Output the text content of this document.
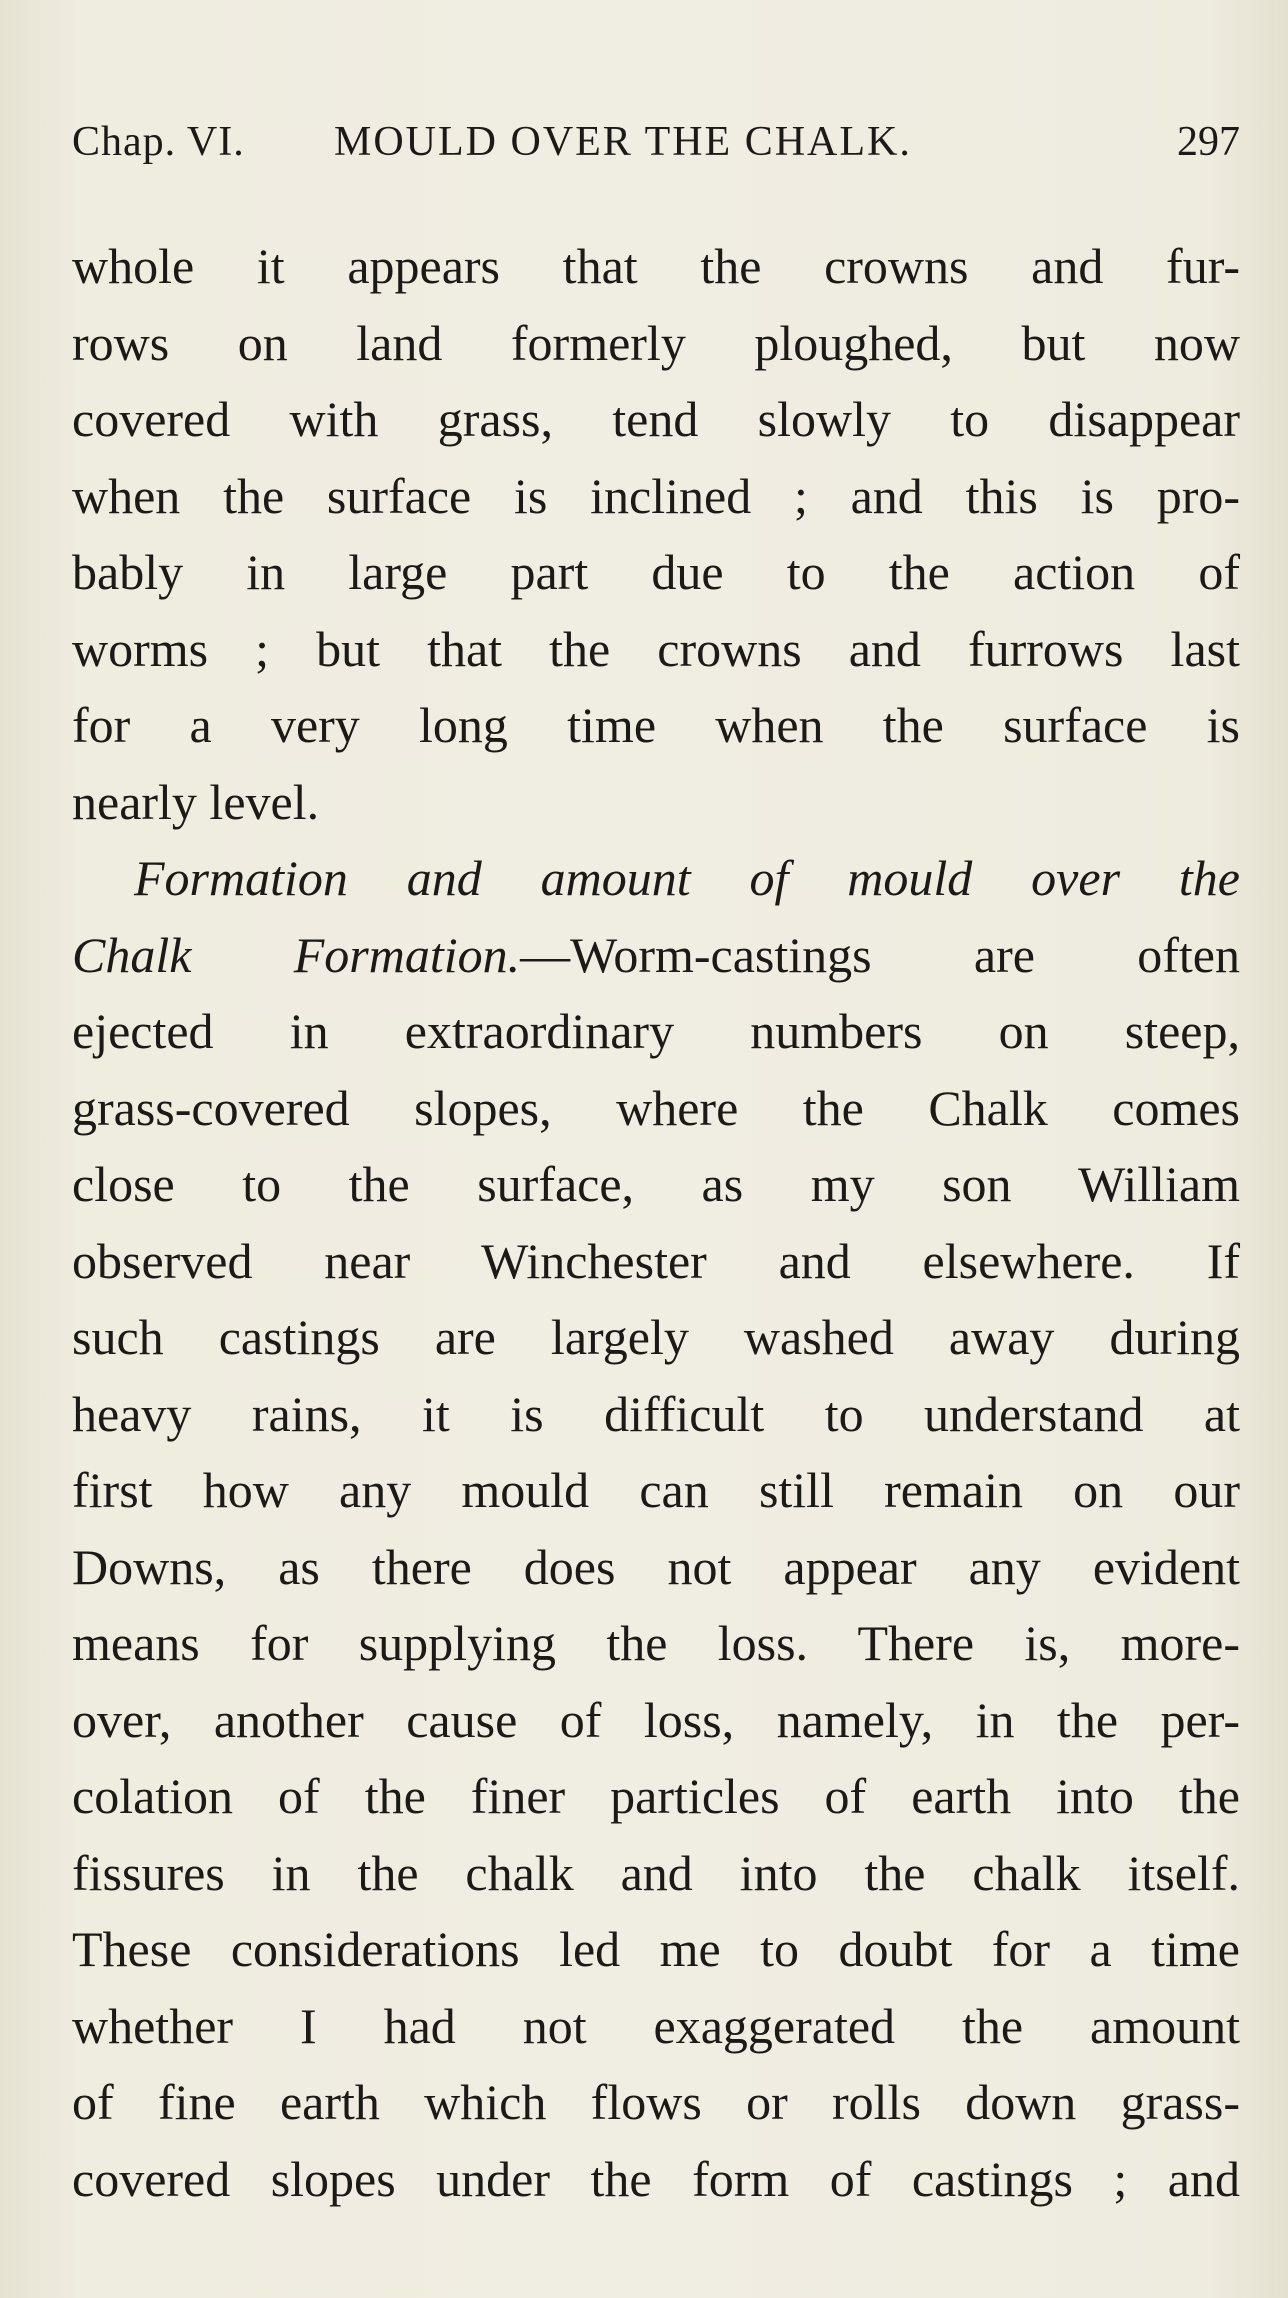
Chap. VI. MOULD OVER THE CHALK.	297
whole it appears that the crowns and fur-
rows on land formerly ploughed, but now
covered with grass, tend slowly to disappear
when the surface is inclined ; and this is pro-
bably in large part due to the action of
worms ; but that the crowns and furrows last
for a very long time when the surface is
nearly level.
Formation and amount of mould over the
Chalk Formation.—Worm-castings are often
ejected in extraordinary numbers on steep,
grass-covered slopes, where the Chalk comes
close to the surface, as my son William
observed near Winchester and elsewhere. If
such castings are largely washed away during
heavy rains, it is difficult to understand at
first how any mould can still remain on our
Downs, as there does not appear any evident
means for supplying the loss. There is, more-
over, another cause of loss, namely, in the per-
colation of the finer particles of earth into the
fissures in the chalk and into the chalk itself.
These considerations led me to doubt for a time
whether I had not exaggerated the amount
of fine earth which flows or rolls down grass-
covered slopes under the form of castings ; and
